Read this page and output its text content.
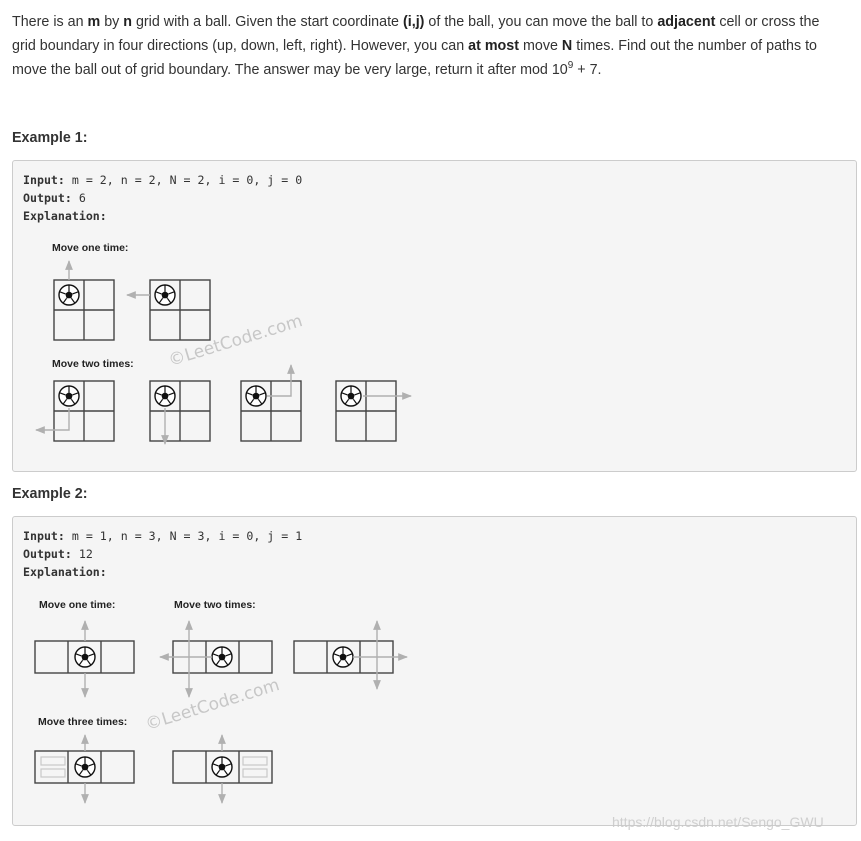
There is an m by n grid with a ball. Given the start coordinate (i,j) of the ball, you can move the ball to adjacent cell or cross the grid boundary in four directions (up, down, left, right). However, you can at most move N times. Find out the number of paths to move the ball out of grid boundary. The answer may be very large, return it after mod $10^9 + 7$.
Example 1:
Input: m = 2, n = 2, N = 2, i = 0, j = 0
Output: 6
Explanation:
Move one time:
Move two times: ©LeetCode.com
Example 2:
Input: m = 1, n = 3, N = 3, i = 0, j = 1
Output: 12
Explanation:
Move one time:	Move two times:
Move three times: ©LeetCode.com
https://blog.csdn.net/Sengo_GWU
